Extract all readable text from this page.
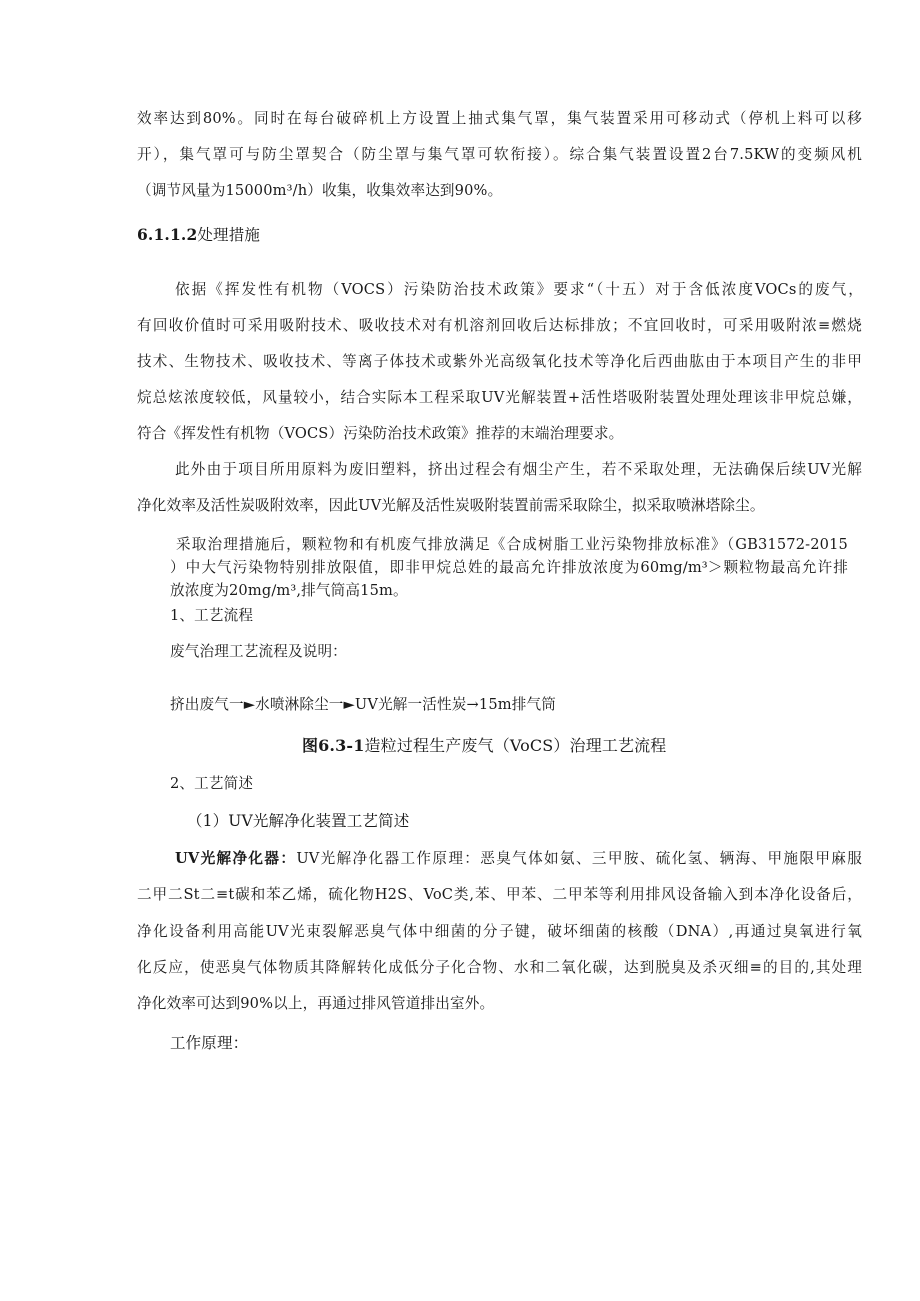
效率达到80%。同时在每台破碎机上方设置上抽式集气罩，集气装置采用可移动式（停机上料可以移

开），集气罩可与防尘罩契合（防尘罩与集气罩可软衔接）。综合集气装置设置2台7.5KW的变频风机

（调节风量为15000m³/h）收集，收集效率达到90%。

6.1.1.2处理措施

依据《挥发性有机物（VOCS）污染防治技术政策》要求“（十五）对于含低浓度VOCs的废气，

有回收价值时可采用吸附技术、吸收技术对有机溶剂回收后达标排放；不宜回收时，可采用吸附浓≡燃烧

技术、生物技术、吸收技术、等离子体技术或紫外光高级氧化技术等净化后西曲肱由于本项目产生的非甲

烷总炫浓度较低，风量较小，结合实际本工程采取UV光解装置+活性塔吸附装置处理处理该非甲烷总嫌，

符合《挥发性有机物（VOCS）污染防治技术政策》推荐的末端治理要求。

此外由于项目所用原料为废旧塑料，挤出过程会有烟尘产生，若不采取处理，无法确保后续UV光解

净化效率及活性炭吸附效率，因此UV光解及活性炭吸附装置前需采取除尘，拟采取喷淋塔除尘。

采取治理措施后，颗粒物和有机废气排放满足《合成树脂工业污染物排放标准》（GB31572-2015

）中大气污染物特别排放限值，即非甲烷总姓的最高允许排放浓度为60mg∕m³＞颗粒物最高允许排

放浓度为20mg∕m³,排气筒高15m。

1、工艺流程

废气治理工艺流程及说明：

挤出废气一►水喷淋除尘一►UV光解一活性炭→15m排气筒

图6.3-1造粒过程生产废气（VoCS）治理工艺流程

2、工艺简述

（1）UV光解净化装置工艺简述

UV光解净化器：UV光解净化器工作原理：恶臭气体如氨、三甲胺、硫化氢、辆海、甲施限甲麻服

二甲二St二≡t碳和苯乙烯，硫化物H2S、VoC类,苯、甲苯、二甲苯等利用排风设备输入到本净化设备后，

净化设备利用高能UV光束裂解恶臭气体中细菌的分子键，破坏细菌的核酸（DNA）,再通过臭氧进行氧

化反应，使恶臭气体物质其降解转化成低分子化合物、水和二氧化碳，达到脱臭及杀灭细≡的目的,其处理

净化效率可达到90%以上，再通过排风管道排出室外。

工作原理：
